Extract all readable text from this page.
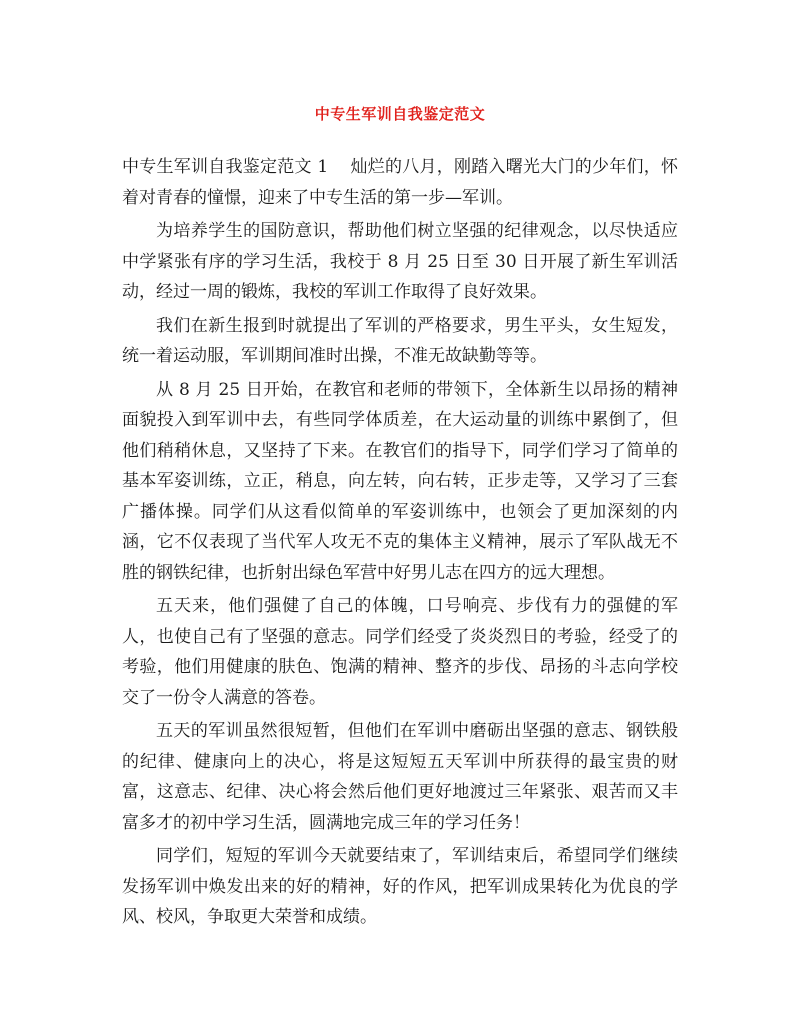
中专生军训自我鉴定范文

中专生军训自我鉴定范文 1 灿烂的八月，刚踏入曙光大门的少年们，怀着对青春的憧憬，迎来了中专生活的第一步—军训。

为培养学生的国防意识，帮助他们树立坚强的纪律观念，以尽快适应中学紧张有序的学习生活，我校于 8 月 25 日至 30 日开展了新生军训活动，经过一周的锻炼，我校的军训工作取得了良好效果。

我们在新生报到时就提出了军训的严格要求，男生平头，女生短发，统一着运动服，军训期间准时出操，不准无故缺勤等等。

从 8 月 25 日开始，在教官和老师的带领下，全体新生以昂扬的精神面貌投入到军训中去，有些同学体质差，在大运动量的训练中累倒了，但他们稍稍休息，又坚持了下来。在教官们的指导下，同学们学习了简单的基本军姿训练，立正，稍息，向左转，向右转，正步走等，又学习了三套广播体操。同学们从这看似简单的军姿训练中，也领会了更加深刻的内涵，它不仅表现了当代军人攻无不克的集体主义精神，展示了军队战无不胜的钢铁纪律，也折射出绿色军营中好男儿志在四方的远大理想。

五天来，他们强健了自己的体魄，口号响亮、步伐有力的强健的军人，也使自己有了坚强的意志。同学们经受了炎炎烈日的考验，经受了的考验，他们用健康的肤色、饱满的精神、整齐的步伐、昂扬的斗志向学校交了一份令人满意的答卷。

五天的军训虽然很短暂，但他们在军训中磨砺出坚强的意志、钢铁般的纪律、健康向上的决心，将是这短短五天军训中所获得的最宝贵的财富，这意志、纪律、决心将会然后他们更好地渡过三年紧张、艰苦而又丰富多才的初中学习生活，圆满地完成三年的学习任务！

同学们，短短的军训今天就要结束了，军训结束后，希望同学们继续发扬军训中焕发出来的好的精神，好的作风，把军训成果转化为优良的学风、校风，争取更大荣誉和成绩。
